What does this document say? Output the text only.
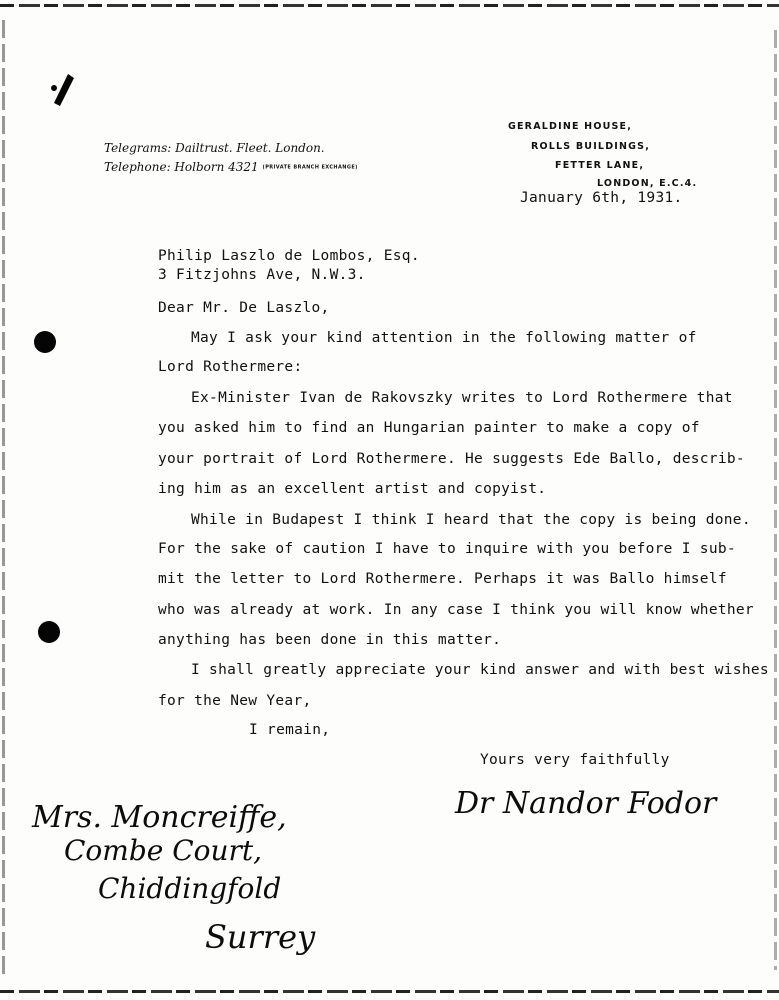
Telegrams: Dailtrust. Fleet. London.
Telephone: Holborn 4321 (PRIVATE BRANCH EXCHANGE)
GERALDINE HOUSE,
ROLLS BUILDINGS,
FETTER LANE,
LONDON, E.C.4.
January 6th, 1931.
Philip Laszlo de Lombos, Esq.
3 Fitzjohns Ave, N.W.3.
Dear Mr. De Laszlo,
May I ask your kind attention in the following matter of
Lord Rothermere:
Ex-Minister Ivan de Rakovszky writes to Lord Rothermere that
you asked him to find an Hungarian painter to make a copy of
your portrait of Lord Rothermere. He suggests Ede Ballo, describ-
ing him as an excellent artist and copyist.
While in Budapest I think I heard that the copy is being done.
For the sake of caution I have to inquire with you before I sub-
mit the letter to Lord Rothermere. Perhaps it was Ballo himself
who was already at work. In any case I think you will know whether
anything has been done in this matter.
I shall greatly appreciate your kind answer and with best wishes
for the New Year,
I remain,
Yours very faithfully
Dr Nandor Fodor
Mrs. Moncreiffe,
Combe Court,
Chiddingfold
Surrey
